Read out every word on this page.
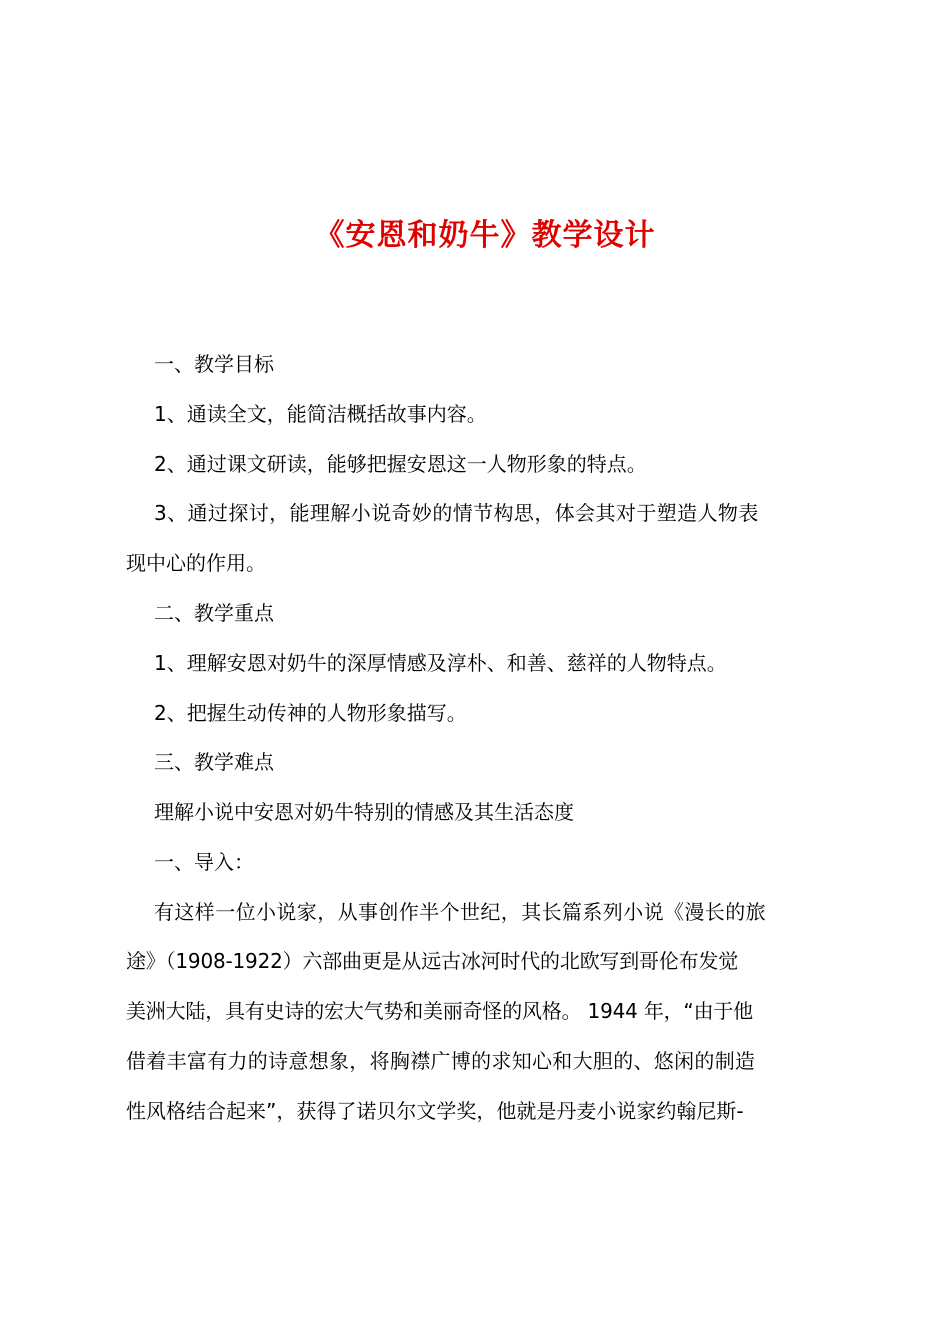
《安恩和奶牛》教学设计

一、教学目标

1、通读全文，能简洁概括故事内容。

2、通过课文研读，能够把握安恩这一人物形象的特点。

3、通过探讨，能理解小说奇妙的情节构思，体会其对于塑造人物表

现中心的作用。

二、教学重点

1、理解安恩对奶牛的深厚情感及淳朴、和善、慈祥的人物特点。

2、把握生动传神的人物形象描写。

三、教学难点

理解小说中安恩对奶牛特别的情感及其生活态度

一、导入：

有这样一位小说家，从事创作半个世纪，其长篇系列小说《漫长的旅

途》（1908-1922）六部曲更是从远古冰河时代的北欧写到哥伦布发觉

美洲大陆，具有史诗的宏大气势和美丽奇怪的风格。 1944 年，“由于他

借着丰富有力的诗意想象，将胸襟广博的求知心和大胆的、悠闲的制造

性风格结合起来”，获得了诺贝尔文学奖，他就是丹麦小说家约翰尼斯-
